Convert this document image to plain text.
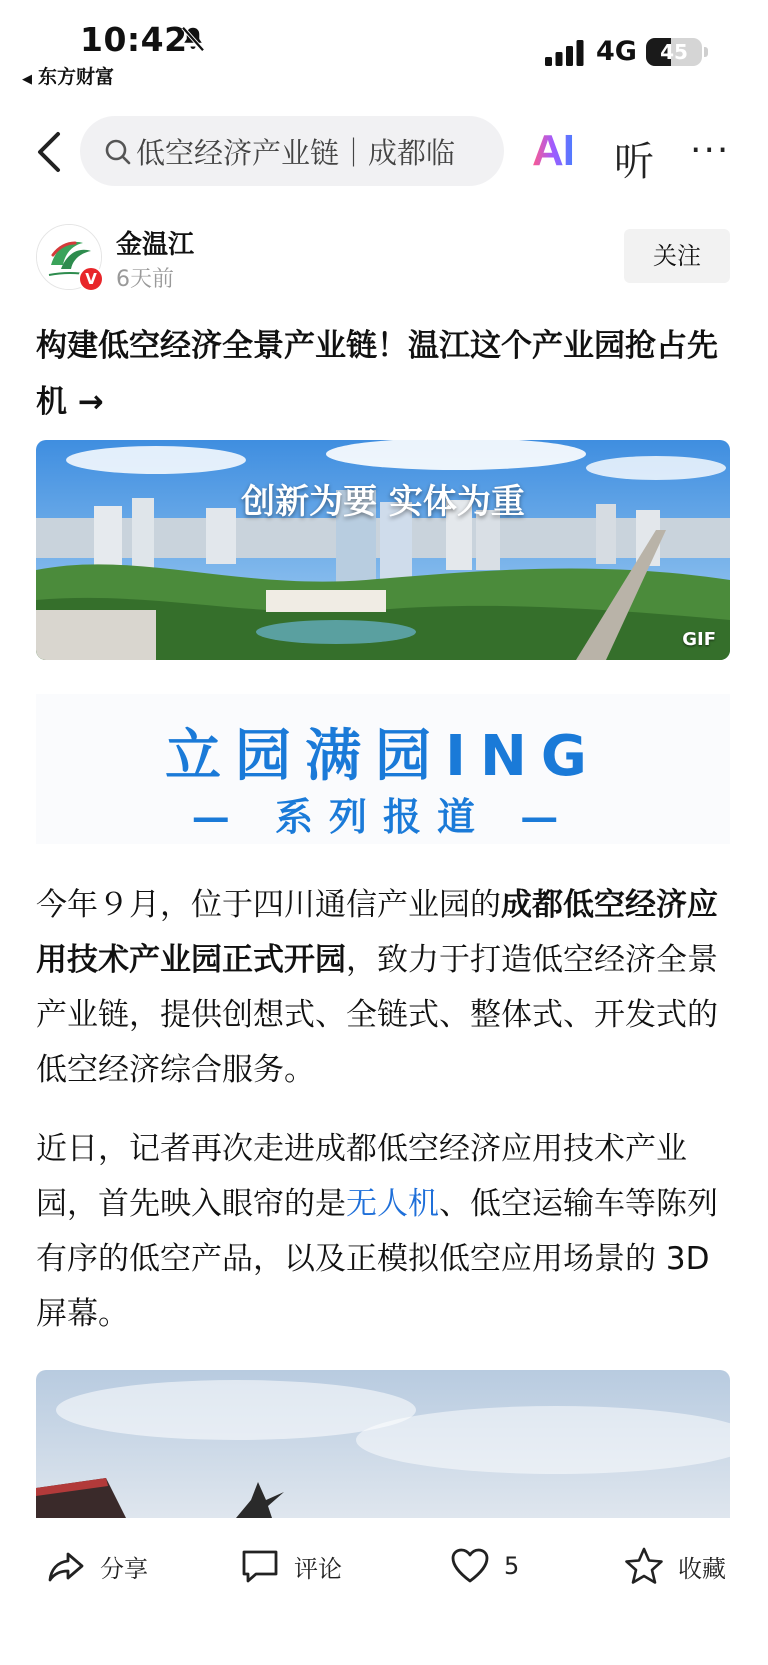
10:42
◀ 东方财富
4G	45
低空经济产业链｜成都临 AI 听 ···
V
金温江
6天前
关注
构建低空经济全景产业链！温江这个产业园抢占先机 →
创新为要 实体为重
GIF
立园满园ING
— 系列报道 —

今年９月，位于四川通信产业园的成都低空经济应用技术产业园正式开园，致力于打造低空经济全景产业链，提供创想式、全链式、整体式、开发式的低空经济综合服务。

近日，记者再次走进成都低空经济应用技术产业园，首先映入眼帘的是无人机、低空运输车等陈列有序的低空产品，以及正模拟低空应用场景的 3D 屏幕。

分享	评论	5	收藏
